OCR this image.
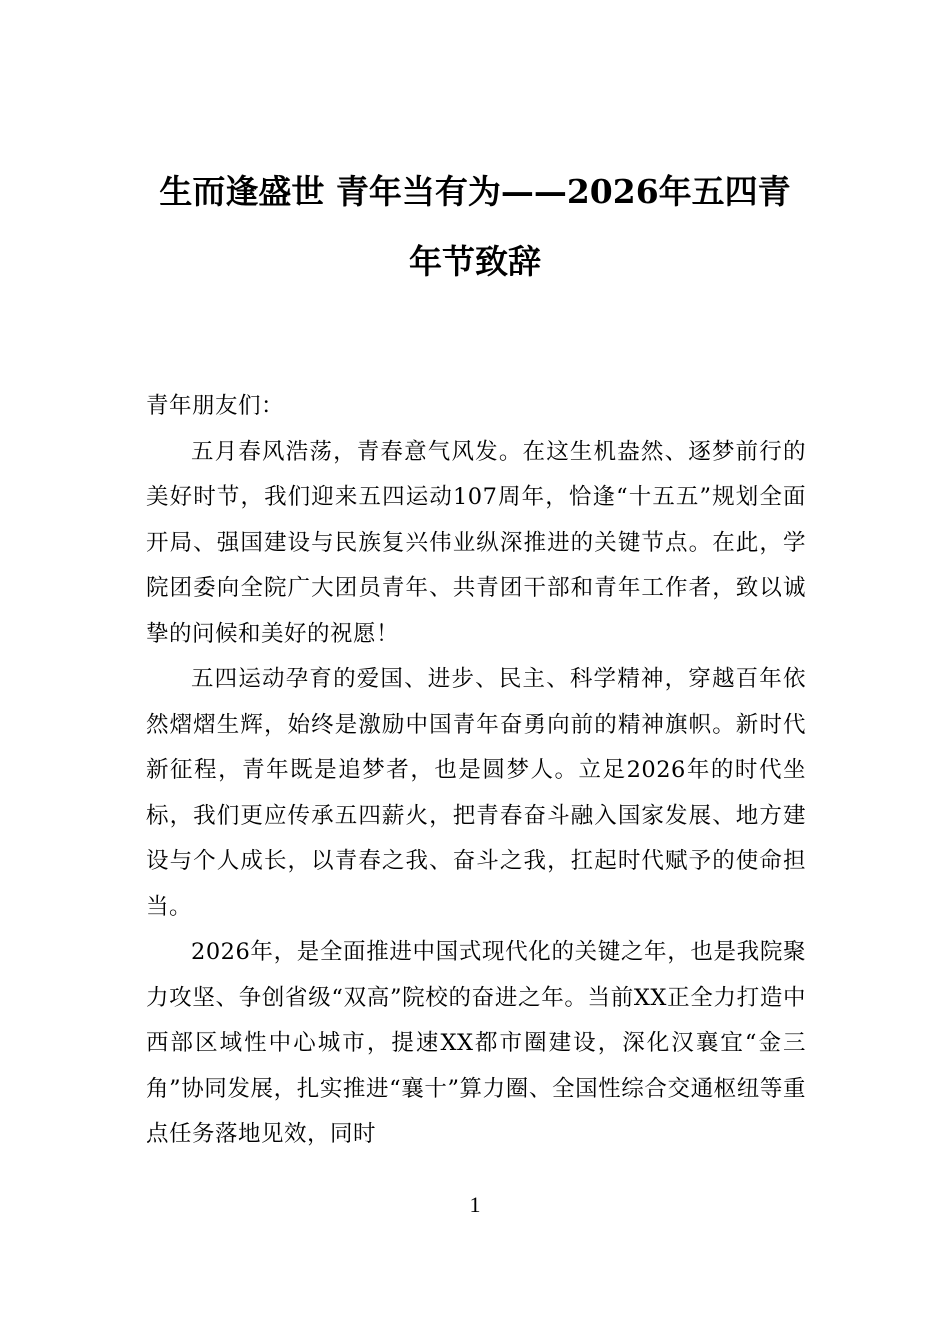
生而逢盛世 青年当有为——2026年五四青
年节致辞

青年朋友们：

五月春风浩荡，青春意气风发。在这生机盎然、逐梦前行的美好时节，我们迎来五四运动107周年，恰逢“十五五”规划全面开局、强国建设与民族复兴伟业纵深推进的关键节点。在此，学院团委向全院广大团员青年、共青团干部和青年工作者，致以诚挚的问候和美好的祝愿！

五四运动孕育的爱国、进步、民主、科学精神，穿越百年依然熠熠生辉，始终是激励中国青年奋勇向前的精神旗帜。新时代新征程，青年既是追梦者，也是圆梦人。立足2026年的时代坐标，我们更应传承五四薪火，把青春奋斗融入国家发展、地方建设与个人成长，以青春之我、奋斗之我，扛起时代赋予的使命担当。

2026年，是全面推进中国式现代化的关键之年，也是我院聚力攻坚、争创省级“双高”院校的奋进之年。当前XX正全力打造中西部区域性中心城市，提速XX都市圈建设，深化汉襄宜“金三角”协同发展，扎实推进“襄十”算力圈、全国性综合交通枢纽等重点任务落地见效，同时

1
